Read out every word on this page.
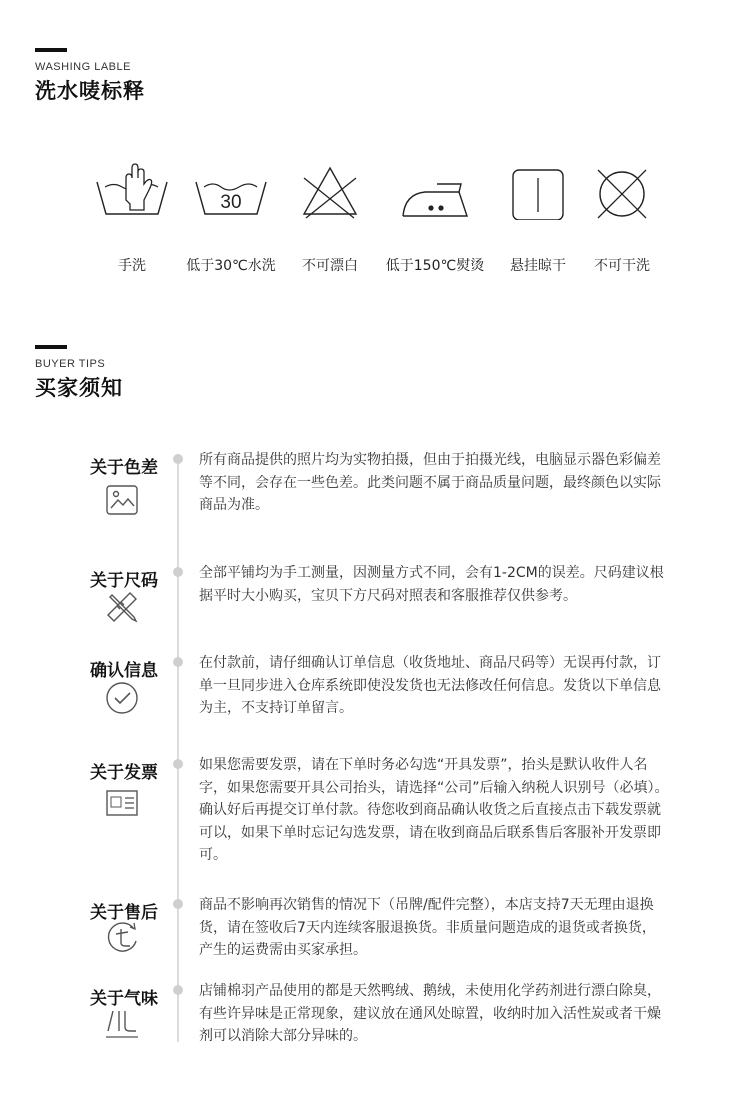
WASHING LABLE
洗水唛标释
手洗
30
低于30℃水洗 不可漂白 低于150℃熨烫 悬挂晾干 不可干洗
BUYER TIPS
买家须知
关于色差	所有商品提供的照片均为实物拍摄，但由于拍摄光线，电脑显示器色彩偏差等不同，会存在一些色差。此类问题不属于商品质量问题，最终颜色以实际商品为准。
关于尺码	全部平铺均为手工测量，因测量方式不同，会有1-2CM的误差。尺码建议根据平时大小购买，宝贝下方尺码对照表和客服推荐仅供参考。
确认信息	在付款前，请仔细确认订单信息（收货地址、商品尺码等）无误再付款，订单一旦同步进入仓库系统即使没发货也无法修改任何信息。发货以下单信息为主，不支持订单留言。
关于发票	如果您需要发票，请在下单时务必勾选“开具发票”，抬头是默认收件人名字，如果您需要开具公司抬头，请选择“公司”后输入纳税人识别号（必填）。确认好后再提交订单付款。待您收到商品确认收货之后直接点击下载发票就可以，如果下单时忘记勾选发票，请在收到商品后联系售后客服补开发票即可。
关于售后	商品不影响再次销售的情况下（吊牌/配件完整），本店支持7天无理由退换货，请在签收后7天内连续客服退换货。非质量问题造成的退货或者换货，产生的运费需由买家承担。
关于气味	店铺棉羽产品使用的都是天然鸭绒、鹅绒，未使用化学药剂进行漂白除臭，有些许异味是正常现象，建议放在通风处晾置，收纳时加入活性炭或者干燥剂可以消除大部分异味的。
